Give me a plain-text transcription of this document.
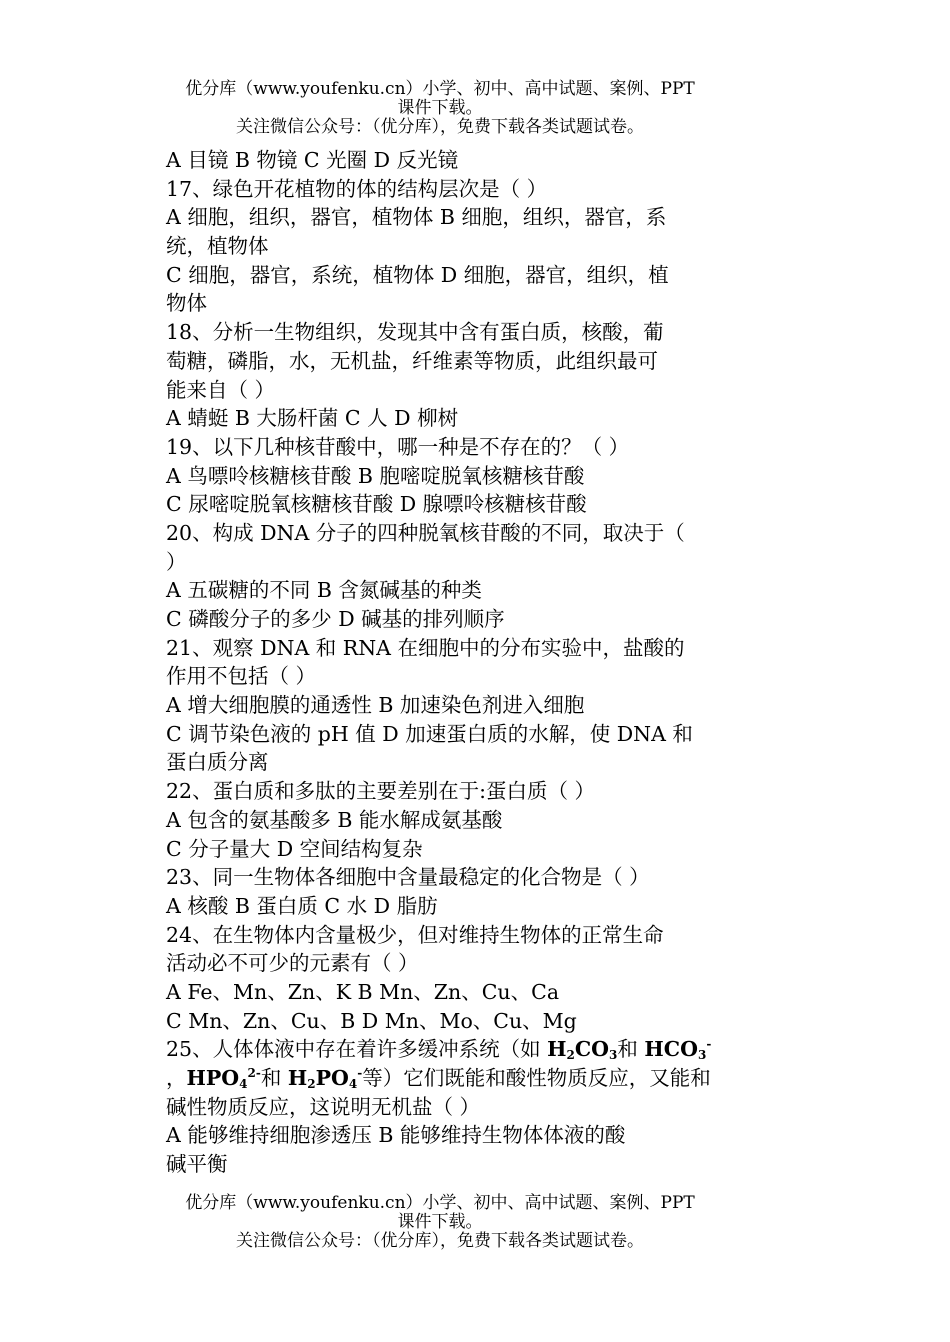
优分库（www.youfenku.cn）小学、初中、高中试题、案例、PPT
课件下载。
关注微信公众号：（优分库），免费下载各类试题试卷。
A 目镜 B 物镜 C 光圈 D 反光镜
17、绿色开花植物的体的结构层次是（ ）
A 细胞，组织，器官，植物体 B 细胞，组织，器官，系
统，植物体
C 细胞，器官，系统，植物体 D 细胞，器官，组织，植
物体
18、分析一生物组织，发现其中含有蛋白质，核酸，葡
萄糖，磷脂，水，无机盐，纤维素等物质，此组织最可
能来自（ ）
A 蜻蜓 B 大肠杆菌 C 人 D 柳树
19、以下几种核苷酸中，哪一种是不存在的？（ ）
A 鸟嘌呤核糖核苷酸 B 胞嘧啶脱氧核糖核苷酸
C 尿嘧啶脱氧核糖核苷酸 D 腺嘌呤核糖核苷酸
20、构成 DNA 分子的四种脱氧核苷酸的不同，取决于（
）
A 五碳糖的不同 B 含氮碱基的种类
C 磷酸分子的多少 D 碱基的排列顺序
21、观察 DNA 和 RNA 在细胞中的分布实验中，盐酸的
作用不包括（ ）
A 增大细胞膜的通透性 B 加速染色剂进入细胞
C 调节染色液的 pH 值 D 加速蛋白质的水解，使 DNA 和
蛋白质分离
22、蛋白质和多肽的主要差别在于:蛋白质（ ）
A 包含的氨基酸多 B 能水解成氨基酸
C 分子量大 D 空间结构复杂
23、同一生物体各细胞中含量最稳定的化合物是（ ）
A 核酸 B 蛋白质 C 水 D 脂肪
24、在生物体内含量极少，但对维持生物体的正常生命
活动必不可少的元素有（ ）
A Fe、Mn、Zn、K B Mn、Zn、Cu、Ca
C Mn、Zn、Cu、B D Mn、Mo、Cu、Mg
25、人体体液中存在着许多缓冲系统（如 $H_2CO_3$和 $HCO_3^-$
，$HPO_4^{2-}$和 $H_2PO_4^-$等）它们既能和酸性物质反应，又能和
碱性物质反应，这说明无机盐（ ）
A 能够维持细胞渗透压 B 能够维持生物体体液的酸
碱平衡
优分库（www.youfenku.cn）小学、初中、高中试题、案例、PPT
课件下载。
关注微信公众号：（优分库），免费下载各类试题试卷。
